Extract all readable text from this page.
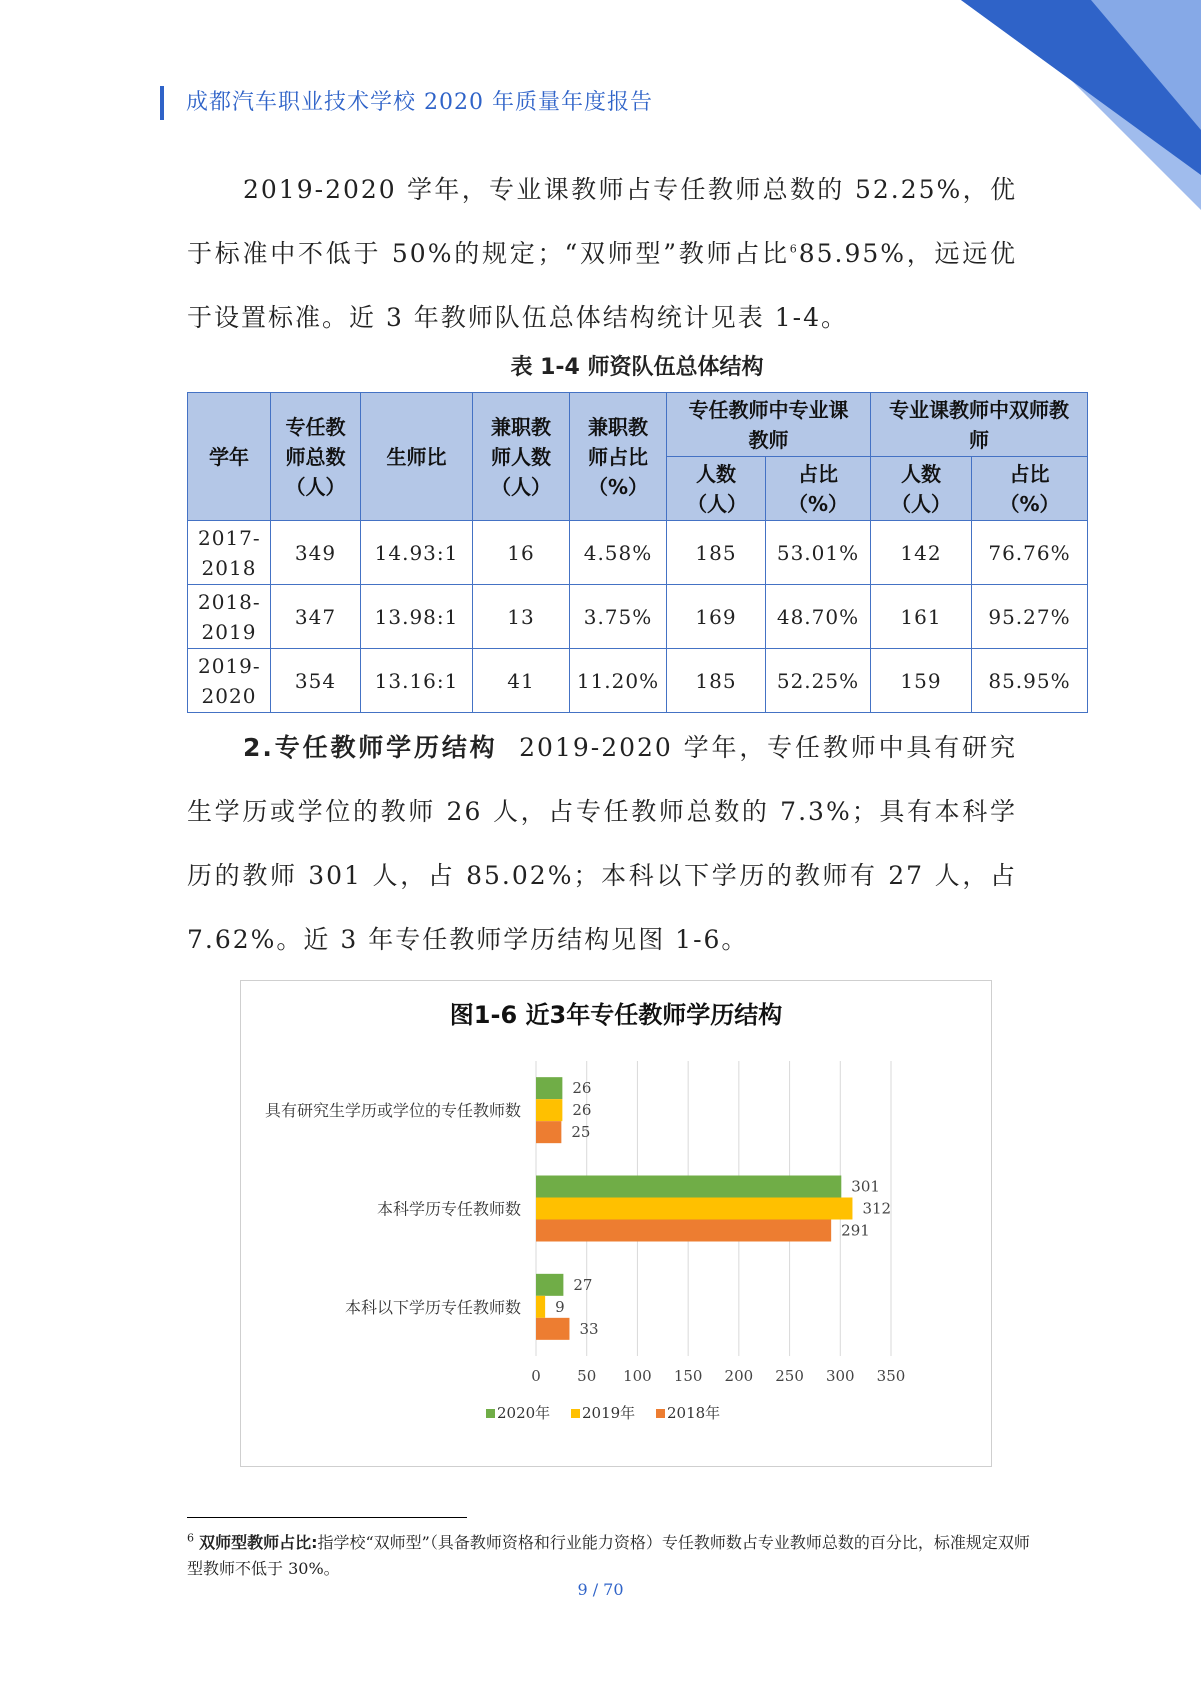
成都汽车职业技术学校 2020 年质量年度报告

2019-2020 学年，专业课教师占专任教师总数的 52.25%，优于标准中不低于 50%的规定；“双师型”教师占比$^6$85.95%，远远优于设置标准。近 3 年教师队伍总体结构统计见表 1-4。

表 1-4 师资队伍总体结构
学年	专任教师总数（人）	生师比	兼职教师人数（人）	兼职教师占比（%）	专任教师中专业课教师		专业课教师中双师教师	
					人数（人）	占比（%）	人数（人）	占比（%）
2017-2018	349	14.93:1	16	4.58%	185	53.01%	142	76.76%
2018-2019	347	13.98:1	13	3.75%	169	48.70%	161	95.27%
2019-2020	354	13.16:1	41	11.20%	185	52.25%	159	85.95%

2.专任教师学历结构 2019-2020 学年，专任教师中具有研究生学历或学位的教师 26 人，占专任教师总数的 7.3%；具有本科学历的教师 301 人，占 85.02%；本科以下学历的教师有 27 人，占 7.62%。近 3 年专任教师学历结构见图 1-6。

图1-6 近3年专任教师学历结构
0 50 100 150 200 250 300 350
具有研究生学历或学位的专任教师数
26
26
25
本科学历专任教师数
301
312
291
本科以下学历专任教师数
27
9
33
2020年 2019年 2018年

$^6$ 双师型教师占比:指学校“双师型”（具备教师资格和行业能力资格）专任教师数占专业教师总数的百分比，标准规定双师型教师不低于 30%。

9 / 70
